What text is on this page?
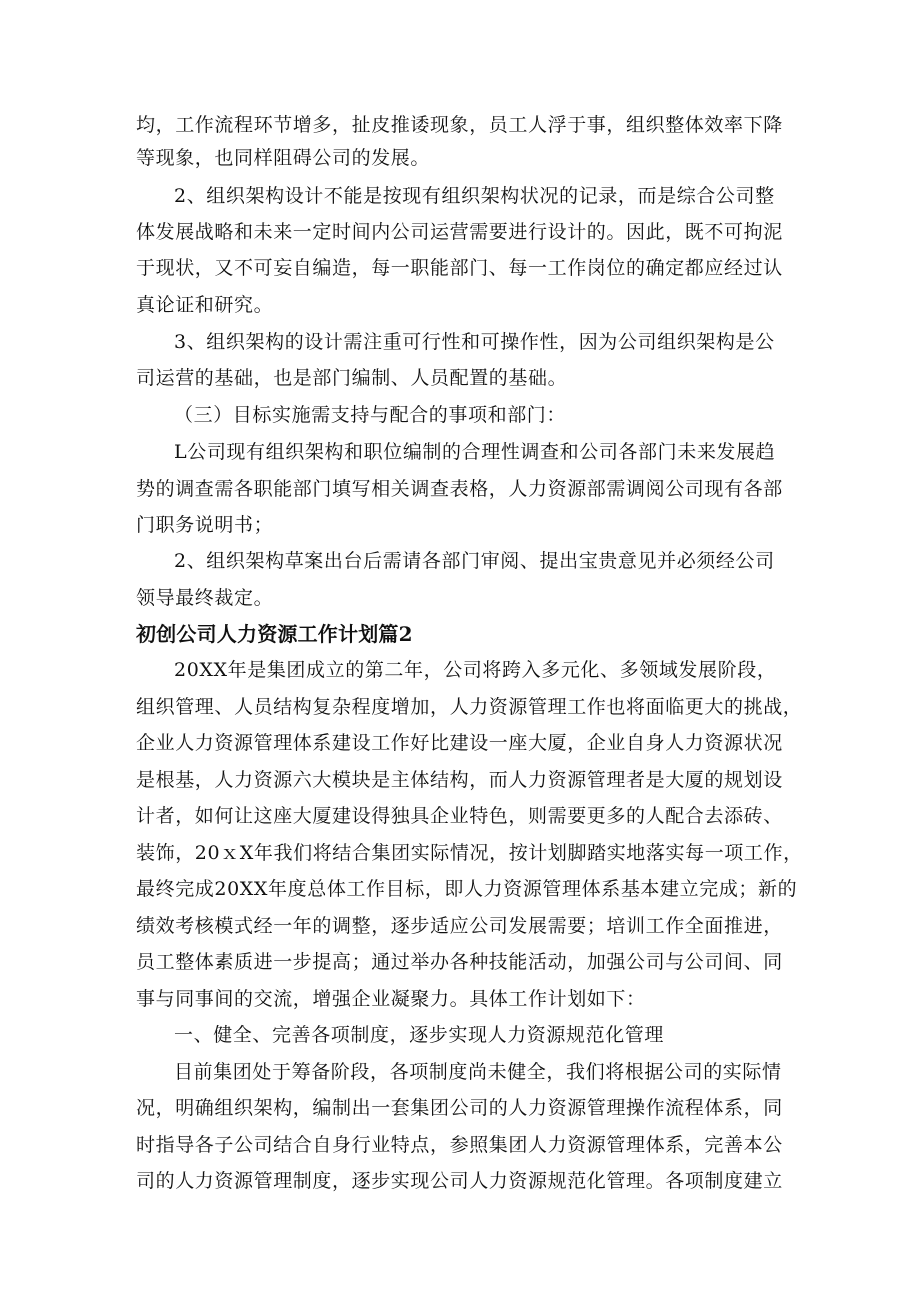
均，工作流程环节增多，扯皮推诿现象，员工人浮于事，组织整体效率下降
等现象，也同样阻碍公司的发展。
2、组织架构设计不能是按现有组织架构状况的记录，而是综合公司整
体发展战略和未来一定时间内公司运营需要进行设计的。因此，既不可拘泥
于现状，又不可妄自编造，每一职能部门、每一工作岗位的确定都应经过认
真论证和研究。
3、组织架构的设计需注重可行性和可操作性，因为公司组织架构是公
司运营的基础，也是部门编制、人员配置的基础。
（三）目标实施需支持与配合的事项和部门：
L公司现有组织架构和职位编制的合理性调查和公司各部门未来发展趋
势的调查需各职能部门填写相关调查表格，人力资源部需调阅公司现有各部
门职务说明书；
2、组织架构草案出台后需请各部门审阅、提出宝贵意见并必须经公司
领导最终裁定。
初创公司人力资源工作计划篇2
20XX年是集团成立的第二年，公司将跨入多元化、多领域发展阶段，
组织管理、人员结构复杂程度增加，人力资源管理工作也将面临更大的挑战，
企业人力资源管理体系建设工作好比建设一座大厦，企业自身人力资源状况
是根基，人力资源六大模块是主体结构，而人力资源管理者是大厦的规划设
计者，如何让这座大厦建设得独具企业特色，则需要更多的人配合去添砖、
装饰，20ｘX年我们将结合集团实际情况，按计划脚踏实地落实每一项工作，
最终完成20XX年度总体工作目标，即人力资源管理体系基本建立完成；新的
绩效考核模式经一年的调整，逐步适应公司发展需要；培训工作全面推进，
员工整体素质进一步提高；通过举办各种技能活动，加强公司与公司间、同
事与同事间的交流，增强企业凝聚力。具体工作计划如下：
一、健全、完善各项制度，逐步实现人力资源规范化管理
目前集团处于筹备阶段，各项制度尚未健全，我们将根据公司的实际情
况，明确组织架构，编制出一套集团公司的人力资源管理操作流程体系，同
时指导各子公司结合自身行业特点，参照集团人力资源管理体系，完善本公
司的人力资源管理制度，逐步实现公司人力资源规范化管理。各项制度建立
